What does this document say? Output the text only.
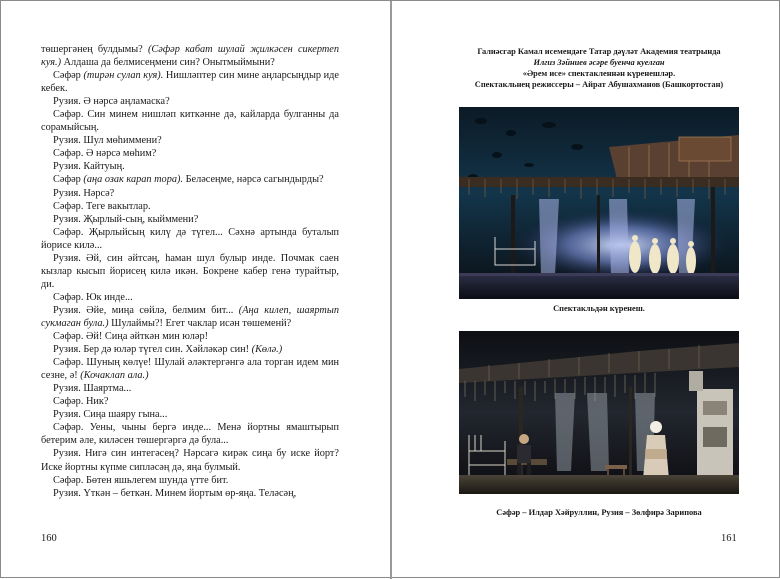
төшергәнең булдымы? (Сәфәр кабат шулай җилкәсен сикертеп куя.) Алдаша да белмисеңмени син? Онытмыймыни?

Сәфәр (тирән сулап куя). Нишләптер син мине аңларсыңдыр иде кебек.

Рузия. Ә нәрсә аңламаска?

Сәфәр. Син минем нишләп киткәнне дә, кайларда булганны да сорамыйсың.

Рузия. Шул мөһиммени?

Сәфәр. Ә нәрсә мөһим?

Рузия. Кайтуың.

Сәфәр (аңа озак карап тора). Беләсеңме, нәрсә сагындырды?

Рузия. Нәрсә?

Сәфәр. Теге вакытлар.

Рузия. Җырлый-сың, кыйммени?

Сәфәр. Җырлыйсың килү дә түгел... Сәхнә артында буталып йорисе килә...

Рузия. Әй, син әйтсәң, һаман шул булыр инде. Почмак саен кызлар кысып йорисең килә икән. Бокрене кабер генә турайтыр, ди.

Сәфәр. Юк инде...

Рузия. Әйе, миңа сөйлә, белмим бит... (Аңа килеп, шаяртып сукмаган була.) Шулаймы?! Егет чаклар исән төшеменй?

Сәфәр. Әй! Сиңа әйткән мин юләр!

Рузия. Бер дә юләр түгел син. Хәйләкәр син! (Көлә.)

Сәфәр. Шуның көлүе! Шулай әләктергәнгә ала торган идем мин сезне, ә! (Кочаклап ала.)

Рузия. Шаяртма...

Сәфәр. Ник?

Рузия. Сиңа шаяру гына...

Сәфәр. Уены, чыны бергә инде... Менә йортны ямаштырып бетерим әле, киләсен төшергәргә дә була...

Рузия. Нигә син интегәсең? Нәрсәгә кирәк сиңа бу иске йорт? Иске йортны күпме сипләсәң дә, яңа булмый.

Сәфәр. Бөтен яшьлегем шунда үтте бит.

Рузия. Үткән – беткән. Минем йортым өр-яңа. Теләсәң,

160
Галиәсгар Камал исемендәге Татар дәүләт Академия театрында
Илгиз Зәйниев әсәре буенча куелган
«Әрем исе» спектакленнән күренешләр.
Спектакльнең режиссеры – Айрат Абушахманов (Башкортостан)
Спектакльдән күренеш.
Сәфәр – Илдар Хәйруллин, Рузия – Зөлфирә Зарипова
161
